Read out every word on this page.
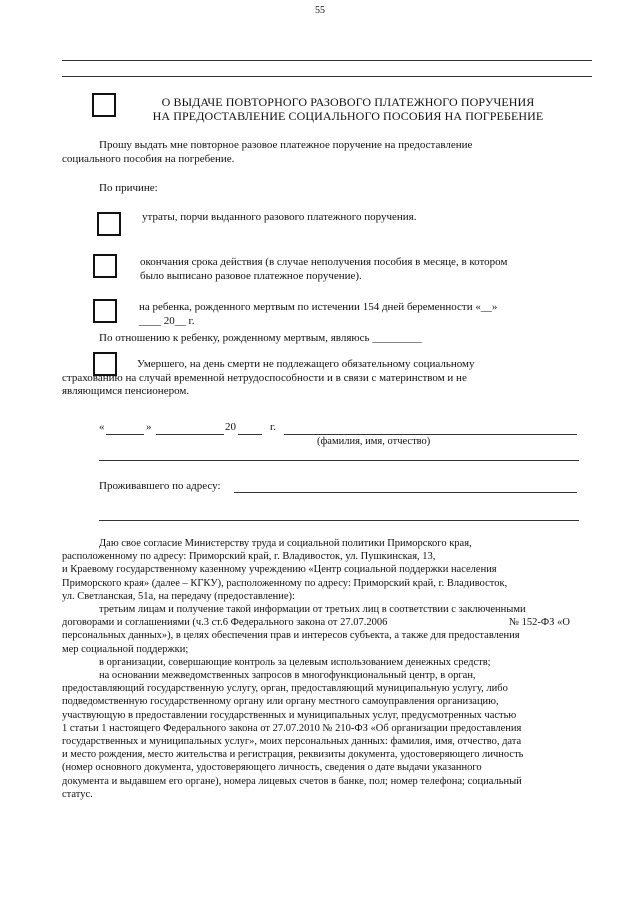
55
О ВЫДАЧЕ ПОВТОРНОГО РАЗОВОГО ПЛАТЕЖНОГО ПОРУЧЕНИЯ
НА ПРЕДОСТАВЛЕНИЕ СОЦИАЛЬНОГО ПОСОБИЯ НА ПОГРЕБЕНИЕ
Прошу выдать мне повторное разовое платежное поручение на предоставление
социального пособия на погребение.
По причине:
утраты, порчи выданного разового платежного поручения.
окончания срока действия (в случае неполучения пособия в месяце, в котором
было выписано разовое платежное поручение).
на ребенка, рожденного мертвым по истечении 154 дней беременности «__»
____ 20__ г.
По отношению к ребенку, рожденному мертвым, являюсь _________
Умершего, на день смерти не подлежащего обязательному социальному
страхованию на случай временной нетрудоспособности и в связи с материнством и не
являющимся пенсионером.
«	»	20	г.
(фамилия, имя, отчество)
Проживавшего по адресу:
Даю свое согласие Министерству труда и социальной политики Приморского края,
расположенному по адресу: Приморский край, г. Владивосток, ул. Пушкинская, 13,
и Краевому государственному казенному учреждению «Центр социальной поддержки населения
Приморского края» (далее – КГКУ), расположенному по адресу: Приморский край, г. Владивосток,
ул. Светланская, 51а, на передачу (предоставление):
третьим лицам и получение такой информации от третьих лиц в соответствии с заключенными
договорами и соглашениями (ч.3 ст.6 Федерального закона от 27.07.2006	№ 152-ФЗ «О
персональных данных»), в целях обеспечения прав и интересов субъекта, а также для предоставления
мер социальной поддержки;
в организации, совершающие контроль за целевым использованием денежных средств;
на основании межведомственных запросов в многофункциональный центр, в орган,
предоставляющий государственную услугу, орган, предоставляющий муниципальную услугу, либо
подведомственную государственному органу или органу местного самоуправления организацию,
участвующую в предоставлении государственных и муниципальных услуг, предусмотренных частью
1 статьи 1 настоящего Федерального закона от 27.07.2010 № 210-ФЗ «Об организации предоставления
государственных и муниципальных услуг», моих персональных данных: фамилия, имя, отчество, дата
и место рождения, место жительства и регистрация, реквизиты документа, удостоверяющего личность
(номер основного документа, удостоверяющего личность, сведения о дате выдачи указанного
документа и выдавшем его органе), номера лицевых счетов в банке, пол; номер телефона; социальный
статус.
